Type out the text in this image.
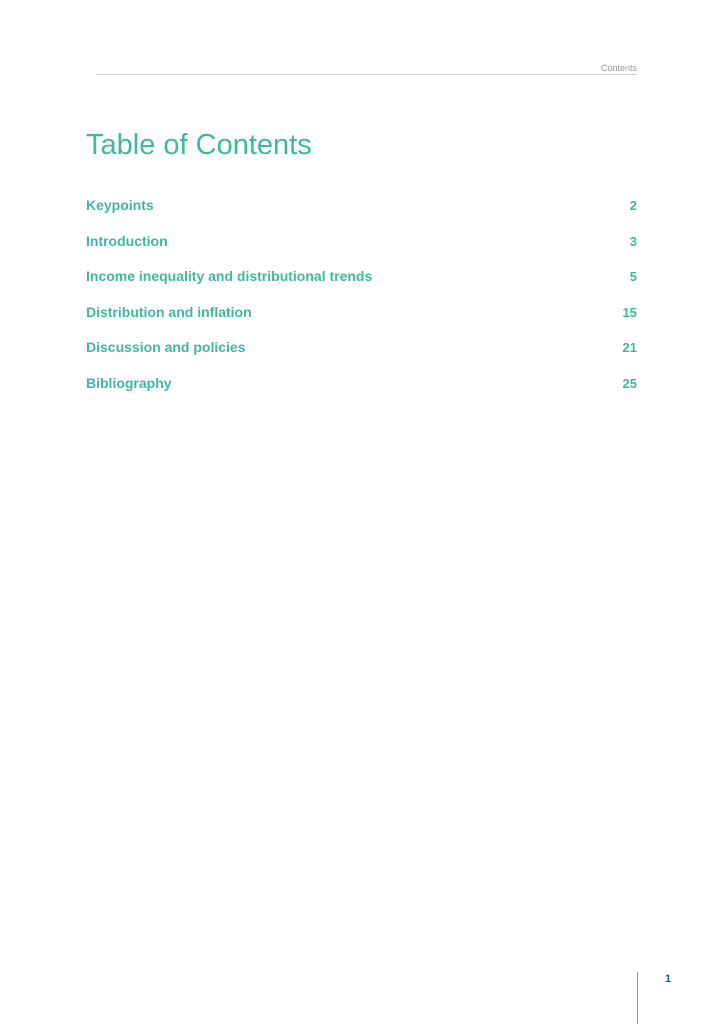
Contents
Table of Contents
Keypoints	2
Introduction	3
Income inequality and distributional trends	5
Distribution and inflation	15
Discussion and policies	21
Bibliography	25
1
